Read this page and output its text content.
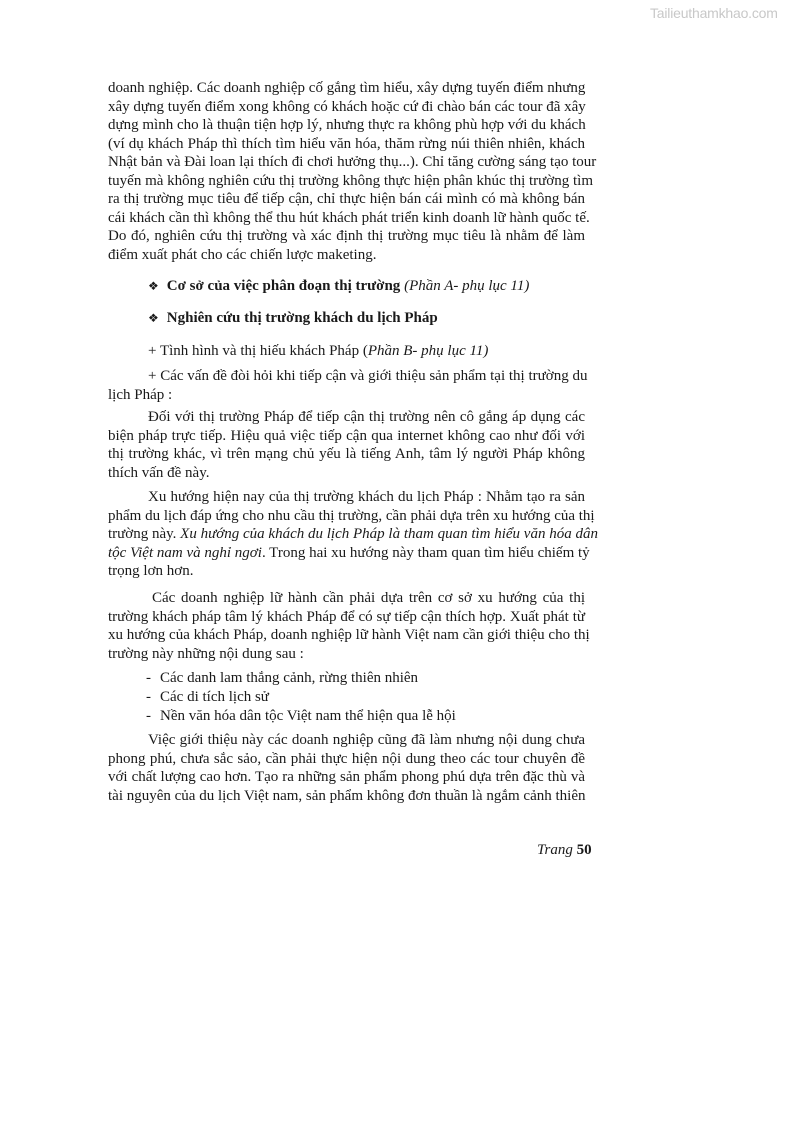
Tailieuthamkhao.com
doanh nghiệp. Các doanh nghiệp cố gắng tìm hiểu, xây dựng tuyến điểm nhưng
xây dựng tuyến điểm xong không có khách hoặc cứ đi chào bán các tour đã xây
dựng mình cho là thuận tiện hợp lý, nhưng thực ra không phù hợp với du khách
(ví dụ khách Pháp thì thích tìm hiểu văn hóa, thăm rừng núi thiên nhiên, khách
Nhật bản và Đài loan lại thích đi chơi hưởng thụ...). Chỉ tăng cường sáng tạo tour
tuyến mà không nghiên cứu thị trường không thực hiện phân khúc thị trường tìm
ra thị trường mục tiêu để tiếp cận, chỉ thực hiện bán cái mình có mà không bán
cái khách cần thì không thể thu hút khách phát triển kinh doanh lữ hành quốc tế.
Do đó, nghiên cứu thị trường và xác định thị trường mục tiêu là nhằm để làm
điểm xuất phát cho các chiến lược maketing.
❖ Cơ sở của việc phân đoạn thị trường (Phần A- phụ lục 11)
❖ Nghiên cứu thị trường khách du lịch Pháp
+ Tình hình và thị hiếu khách Pháp (Phần B- phụ lục 11)
+ Các vấn đề đòi hỏi khi tiếp cận và giới thiệu sản phẩm tại thị trường du
lịch Pháp :
Đối với thị trường Pháp để tiếp cận thị trường nên cô gắng áp dụng các
biện pháp trực tiếp. Hiệu quả việc tiếp cận qua internet không cao như đối với
thị trường khác, vì trên mạng chủ yếu là tiếng Anh, tâm lý người Pháp không
thích vấn đề này.
Xu hướng hiện nay của thị trường khách du lịch Pháp : Nhằm tạo ra sản
phẩm du lịch đáp ứng cho nhu cầu thị trường, cần phải dựa trên xu hướng của thị
trường này. Xu hướng của khách du lịch Pháp là tham quan tìm hiểu văn hóa dân
tộc Việt nam và nghỉ ngơi. Trong hai xu hướng này tham quan tìm hiểu chiếm tỷ
trọng lơn hơn.
Các doanh nghiệp lữ hành cần phải dựa trên cơ sở xu hướng của thị
trường khách pháp tâm lý khách Pháp để có sự tiếp cận thích hợp. Xuất phát từ
xu hướng của khách Pháp, doanh nghiệp lữ hành Việt nam cần giới thiệu cho thị
trường này những nội dung sau :
- Các danh lam thắng cảnh, rừng thiên nhiên
- Các di tích lịch sử
- Nền văn hóa dân tộc Việt nam thể hiện qua lễ hội
Việc giới thiệu này các doanh nghiệp cũng đã làm nhưng nội dung chưa
phong phú, chưa sắc sảo, cần phải thực hiện nội dung theo các tour chuyên đề
với chất lượng cao hơn. Tạo ra những sản phẩm phong phú dựa trên đặc thù và
tài nguyên của du lịch Việt nam, sản phẩm không đơn thuần là ngắm cảnh thiên
Trang 50
